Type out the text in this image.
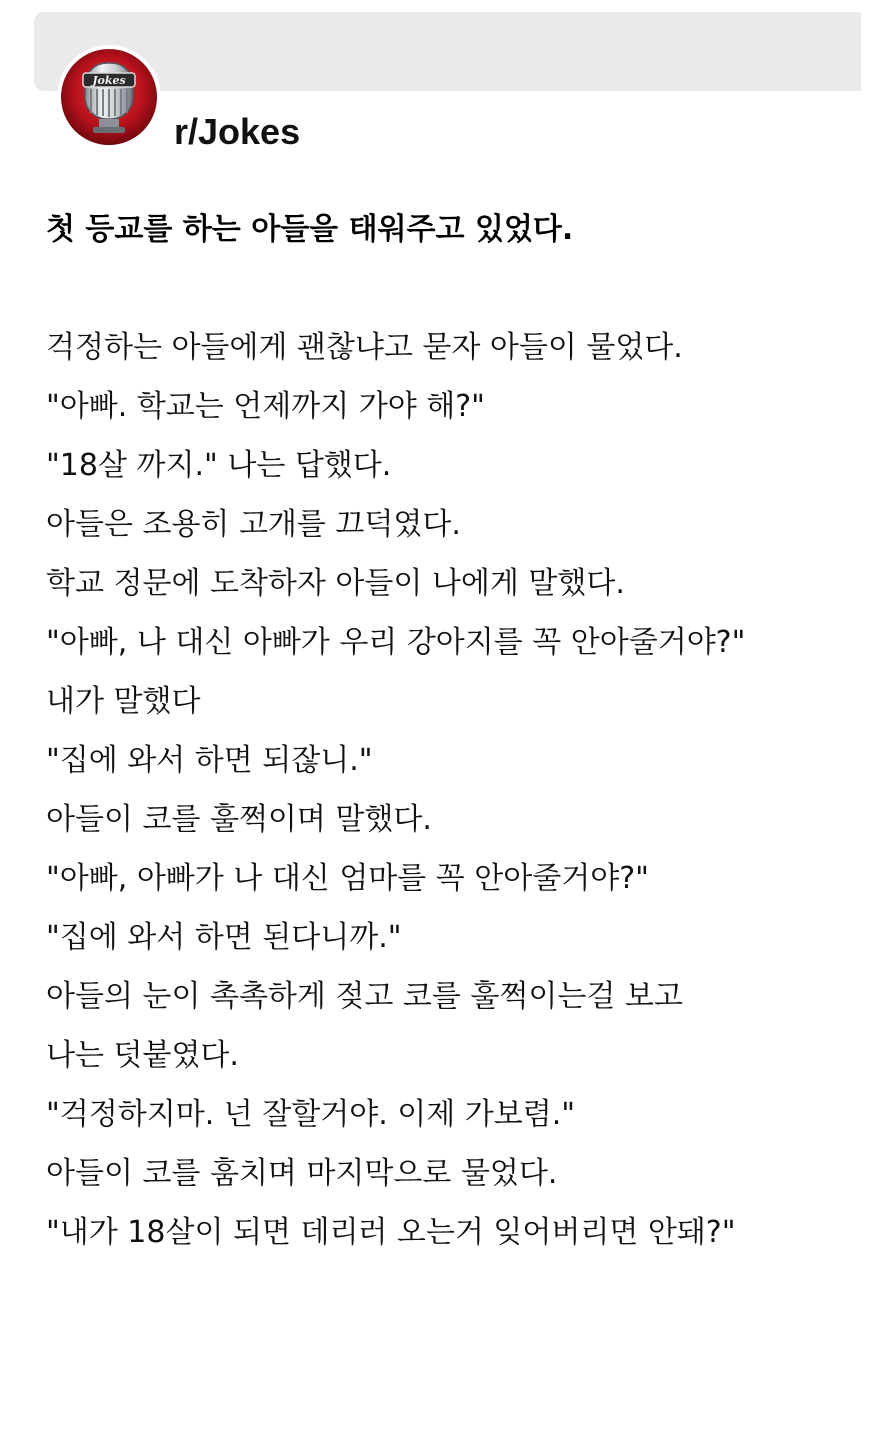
Jokes
r/Jokes
첫 등교를 하는 아들을 태워주고 있었다.
걱정하는 아들에게 괜찮냐고 묻자 아들이 물었다.
"아빠. 학교는 언제까지 가야 해?"
"18살 까지." 나는 답했다.
아들은 조용히 고개를 끄덕였다.
학교 정문에 도착하자 아들이 나에게 말했다.
"아빠, 나 대신 아빠가 우리 강아지를 꼭 안아줄거야?"
내가 말했다
"집에 와서 하면 되잖니."
아들이 코를 훌쩍이며 말했다.
"아빠, 아빠가 나 대신 엄마를 꼭 안아줄거야?"
"집에 와서 하면 된다니까."
아들의 눈이 촉촉하게 젖고 코를 훌쩍이는걸 보고
나는 덧붙였다.
"걱정하지마. 넌 잘할거야. 이제 가보렴."
아들이 코를 훔치며 마지막으로 물었다.
"내가 18살이 되면 데리러 오는거 잊어버리면 안돼?"
